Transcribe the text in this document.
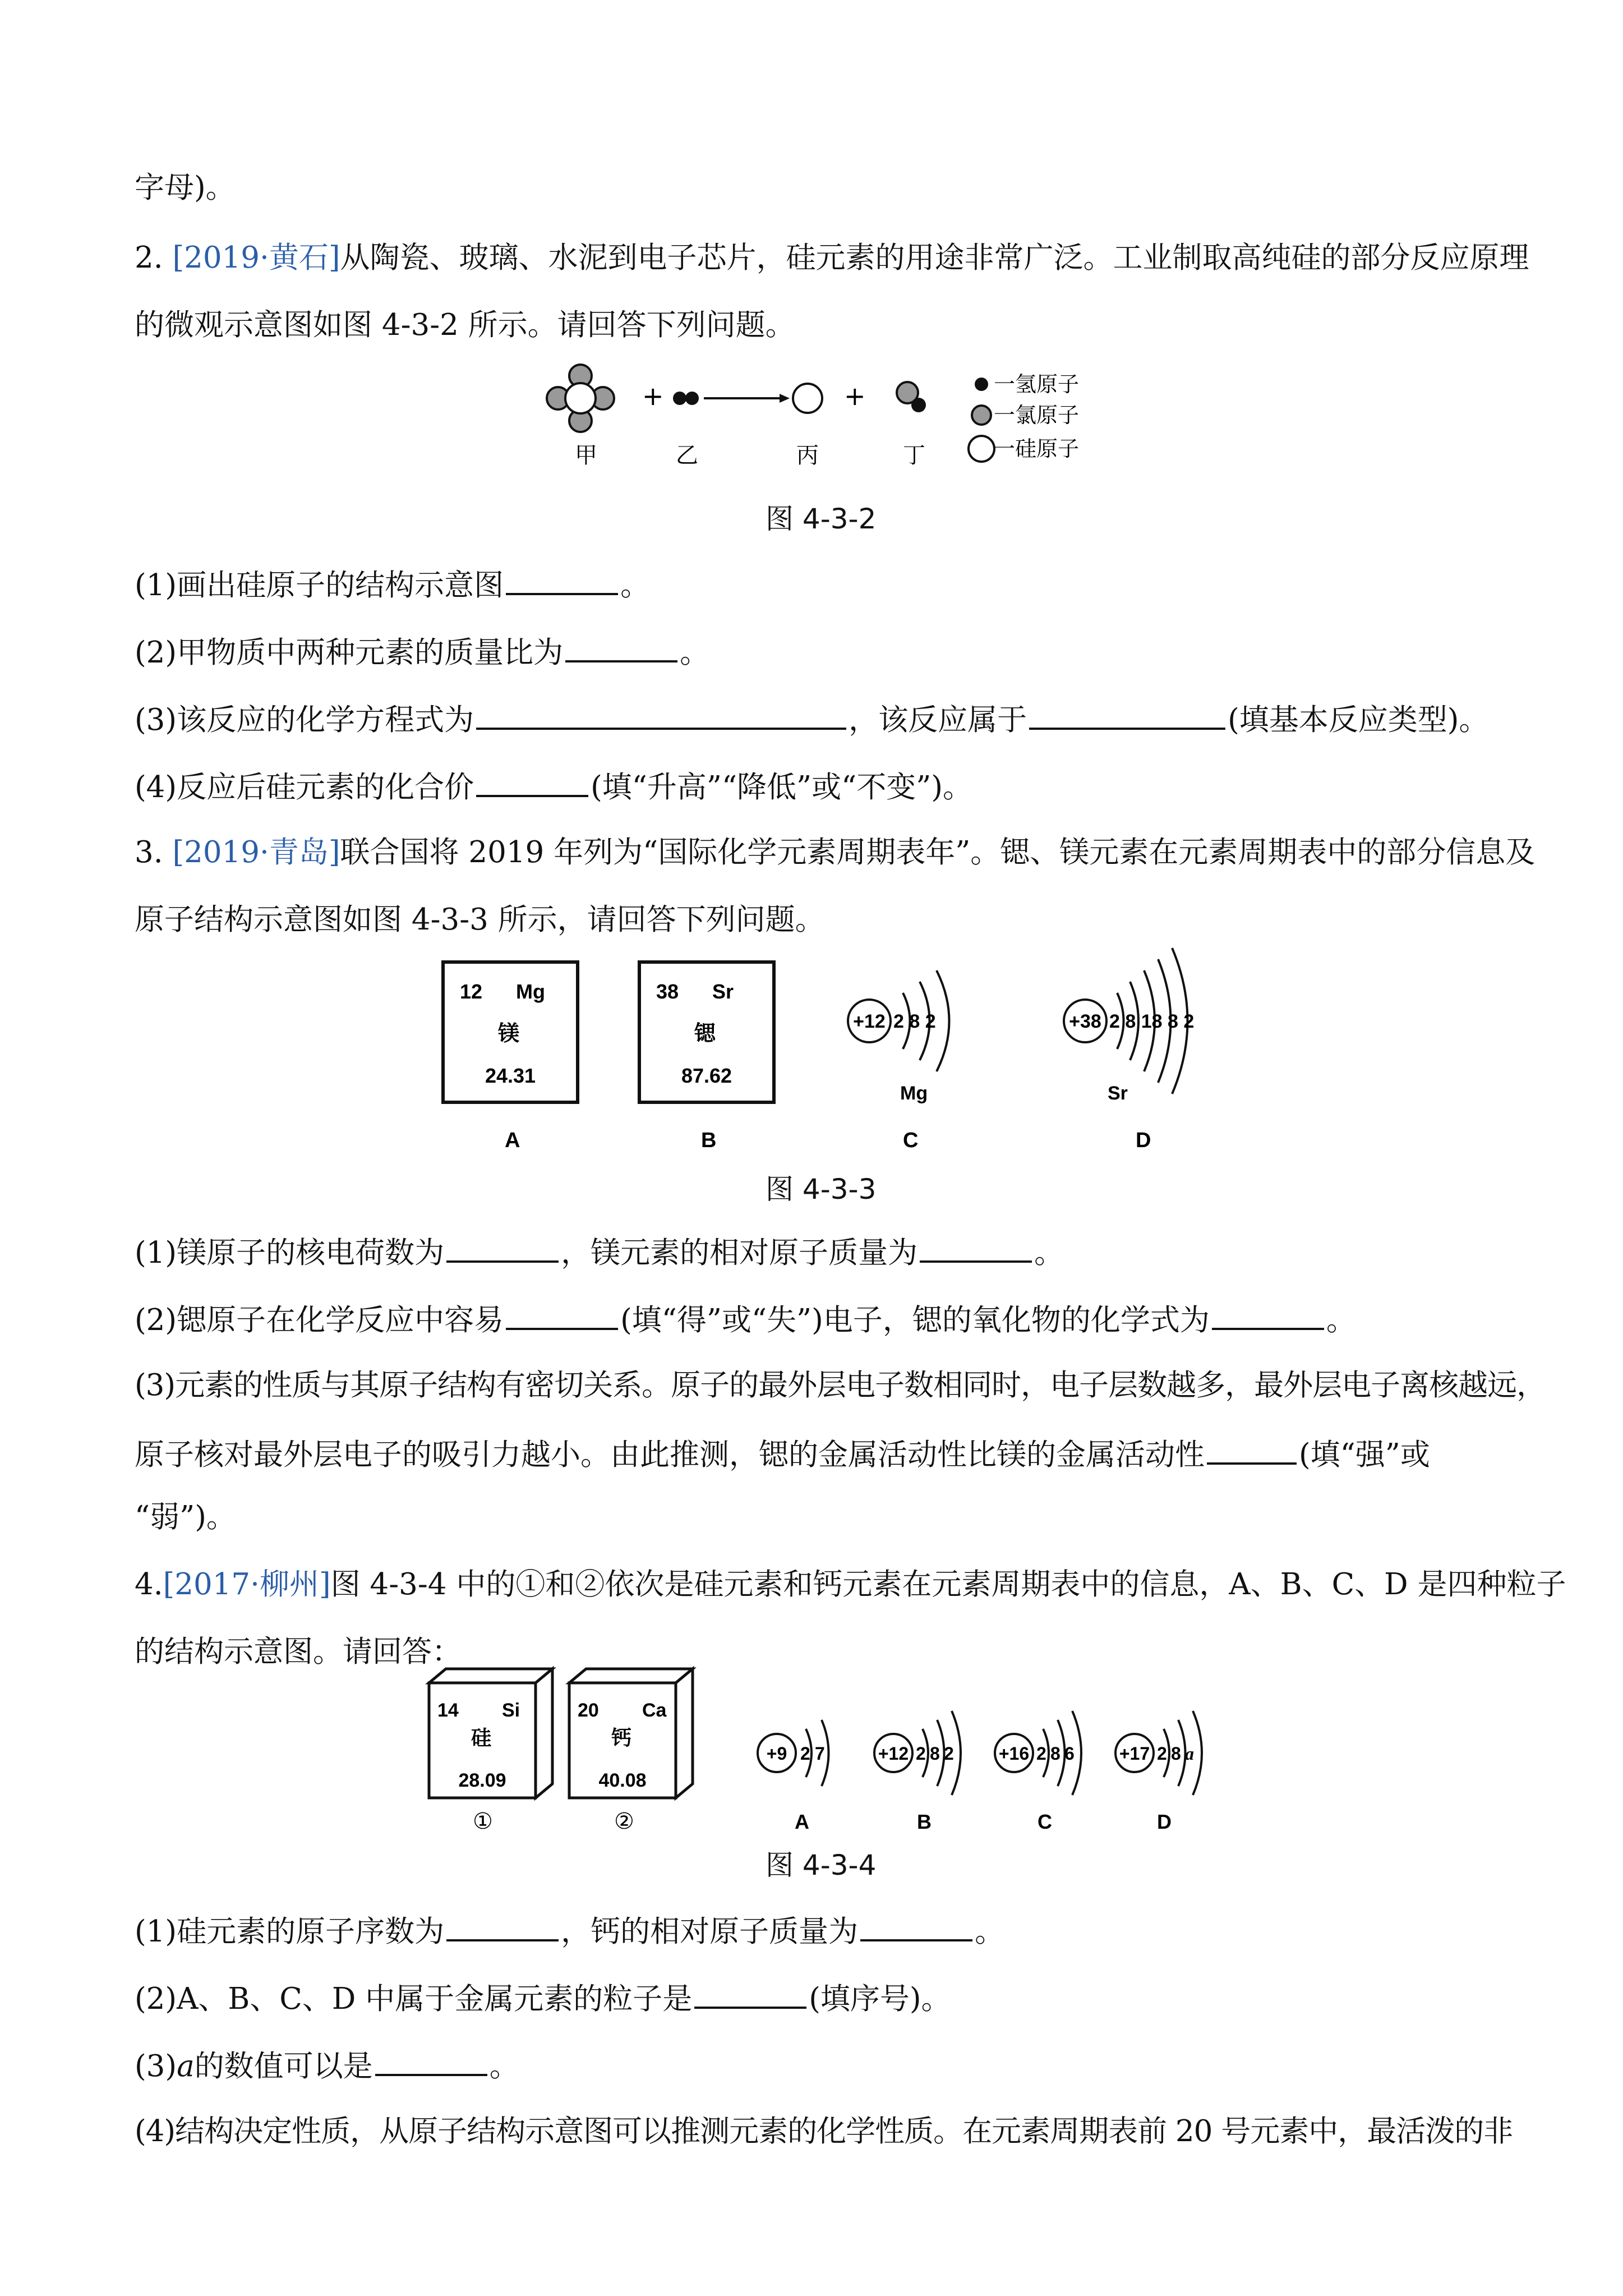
字母)。
2. [2019·黄石]从陶瓷、玻璃、水泥到电子芯片，硅元素的用途非常广泛。工业制取高纯硅的部分反应原理
的微观示意图如图 4-3-2 所示。请回答下列问题。
+	+
甲	乙	丙	丁
一氢原子
一氯原子
一硅原子
图 4-3-2
(1)画出硅原子的结构示意图	。
(2)甲物质中两种元素的质量比为	。
(3)该反应的化学方程式为	，该反应属于	(填基本反应类型)。
(4)反应后硅元素的化合价	(填“升高”“降低”或“不变”)。
3. [2019·青岛]联合国将 2019 年列为“国际化学元素周期表年”。锶、镁元素在元素周期表中的部分信息及
原子结构示意图如图 4-3-3 所示，请回答下列问题。
12 Mg
镁
24.31
38 Sr
锶
87.62
+12 2 8 2
Mg
+38 2 8 18 8 2
Sr
A	B	C	D
图 4-3-3
(1)镁原子的核电荷数为	，镁元素的相对原子质量为	。
(2)锶原子在化学反应中容易	(填“得”或“失”)电子，锶的氧化物的化学式为	。
(3)元素的性质与其原子结构有密切关系。原子的最外层电子数相同时，电子层数越多，最外层电子离核越远，
原子核对最外层电子的吸引力越小。由此推测，锶的金属活动性比镁的金属活动性	(填“强”或
“弱”)。
4.[2017·柳州]图 4-3-4 中的①和②依次是硅元素和钙元素在元素周期表中的信息，A、B、C、D 是四种粒子
的结构示意图。请回答：
14 Si
硅
28.09
20 Ca
钙
40.08
①	②
+9 2 7
A
+12 2 8 2
B
+16 2 8 6
C
+17 2 8 a
D
图 4-3-4
(1)硅元素的原子序数为	，钙的相对原子质量为	。
(2)A、B、C、D 中属于金属元素的粒子是	(填序号)。
(3)a的数值可以是	。
(4)结构决定性质，从原子结构示意图可以推测元素的化学性质。在元素周期表前 20 号元素中，最活泼的非
